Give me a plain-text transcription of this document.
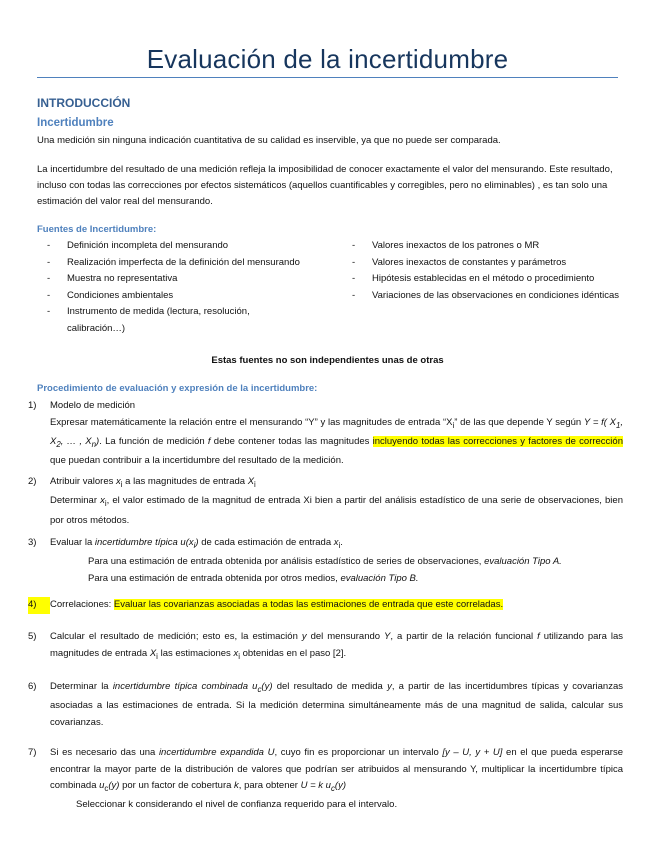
Evaluación de la incertidumbre
INTRODUCCIÓN
Incertidumbre
Una medición sin ninguna indicación cuantitativa de su calidad es inservible, ya que no puede ser comparada.
La incertidumbre del resultado de una medición refleja la imposibilidad de conocer exactamente el valor del mensurando. Este resultado, incluso con todas las correcciones por efectos sistemáticos (aquellos cuantificables y corregibles, pero no eliminables) , es tan solo una estimación del valor real del mensurando.
Fuentes de Incertidumbre:
- Definición incompleta del mensurando
- Realización imperfecta de la definición del mensurando
- Muestra no representativa
- Condiciones ambientales
- Instrumento de medida (lectura, resolución, calibración…)
- Valores inexactos de los patrones o MR
- Valores inexactos de constantes y parámetros
- Hipótesis establecidas en el método o procedimiento
- Variaciones de las observaciones en condiciones idénticas
Estas fuentes no son independientes unas de otras
Procedimiento de evaluación y expresión de la incertidumbre:
1) Modelo de medición
Expresar matemáticamente la relación entre el mensurando “Y” y las magnitudes de entrada “$X_i$” de las que depende Y según Y = f( $X_1$, $X_2$, … , $X_n$). La función de medición f debe contener todas las magnitudes incluyendo todas las correcciones y factores de corrección que puedan contribuir a la incertidumbre del resultado de la medición.
2) Atribuir valores $x_i$ a las magnitudes de entrada $X_i$
Determinar $x_i$, el valor estimado de la magnitud de entrada Xi bien a partir del análisis estadístico de una serie de observaciones, bien por otros métodos.
3) Evaluar la incertidumbre típica $u(x_i)$ de cada estimación de entrada $x_i$.
Para una estimación de entrada obtenida por análisis estadístico de series de observaciones, evaluación Tipo A.
Para una estimación de entrada obtenida por otros medios, evaluación Tipo B.
4) Correlaciones: Evaluar las covarianzas asociadas a todas las estimaciones de entrada que este correladas.
5) Calcular el resultado de medición; esto es, la estimación y del mensurando Y, a partir de la relación funcional f utilizando para las magnitudes de entrada $X_i$ las estimaciones $x_i$ obtenidas en el paso [2].
6) Determinar la incertidumbre típica combinada $u_c(y)$ del resultado de medida y, a partir de las incertidumbres típicas y covarianzas asociadas a las estimaciones de entrada. Si la medición determina simultáneamente más de una magnitud de salida, calcular sus covarianzas.
7) Si es necesario das una incertidumbre expandida U, cuyo fin es proporcionar un intervalo [y – U, y + U] en el que pueda esperarse encontrar la mayor parte de la distribución de valores que podrían ser atribuidos al mensurando Y, multiplicar la incertidumbre típica combinada $u_c(y)$ por un factor de cobertura k, para obtener U = k $u_c(y)$
Seleccionar k considerando el nivel de confianza requerido para el intervalo.
